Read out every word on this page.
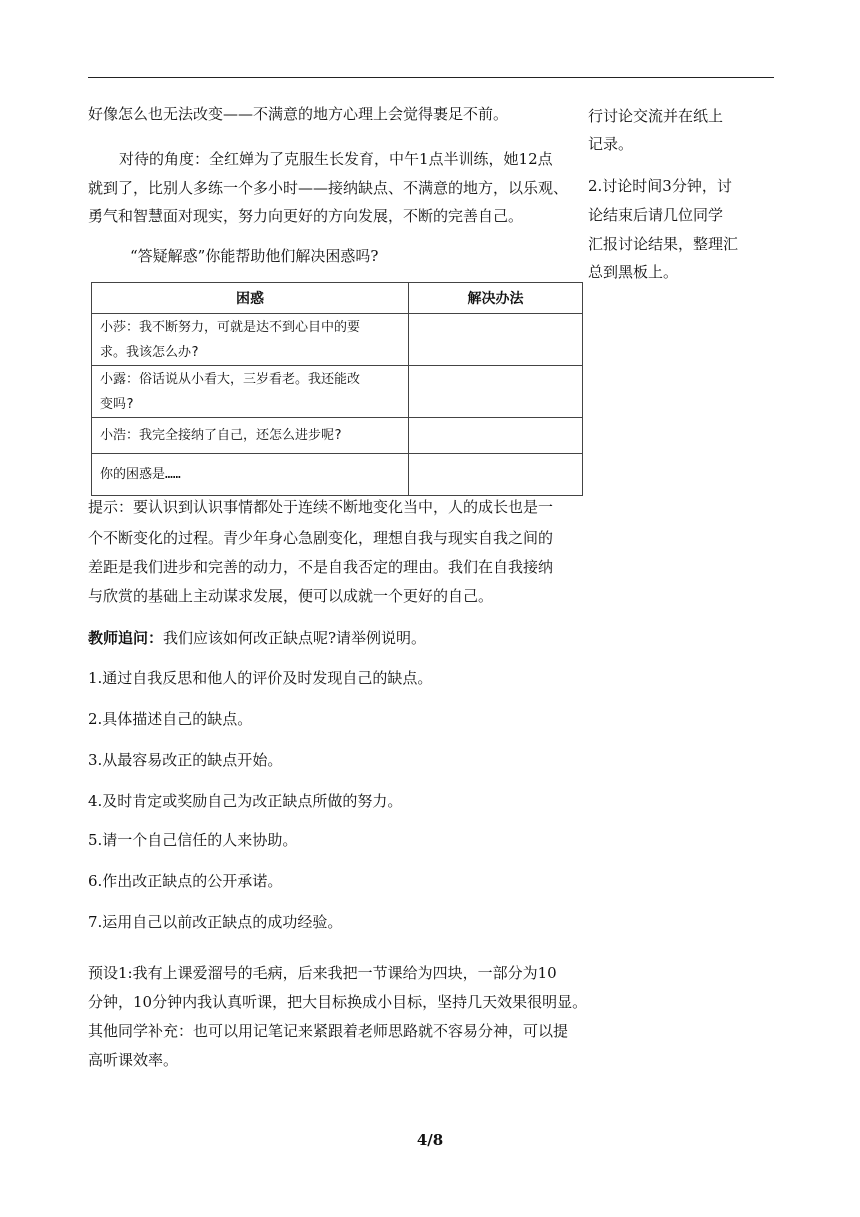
好像怎么也无法改变——不满意的地方心理上会觉得裹足不前。
对待的角度：全红婵为了克服生长发育，中午1点半训练，她12点
就到了，比别人多练一个多小时——接纳缺点、不满意的地方，以乐观、
勇气和智慧面对现实，努力向更好的方向发展，不断的完善自己。
“答疑解惑”你能帮助他们解决困惑吗?
困惑	解决办法

小莎：我不断努力，可就是达不到心目中的要
求。我该怎么办?	

小露：俗话说从小看大，三岁看老。我还能改
变吗?	

小浩：我完全接纳了自己，还怎么进步呢?	

你的困惑是……	

提示：要认识到认识事情都处于连续不断地变化当中，人的成长也是一
个不断变化的过程。青少年身心急剧变化，理想自我与现实自我之间的
差距是我们进步和完善的动力，不是自我否定的理由。我们在自我接纳
与欣赏的基础上主动谋求发展，便可以成就一个更好的自己。
教师追问：我们应该如何改正缺点呢?请举例说明。
1.通过自我反思和他人的评价及时发现自己的缺点。
2.具体描述自己的缺点。
3.从最容易改正的缺点开始。
4.及时肯定或奖励自己为改正缺点所做的努力。
5.请一个自己信任的人来协助。
6.作出改正缺点的公开承诺。
7.运用自己以前改正缺点的成功经验。
预设1:我有上课爱溜号的毛病，后来我把一节课给为四块，一部分为10
分钟，10分钟内我认真听课，把大目标换成小目标，坚持几天效果很明显。
其他同学补充：也可以用记笔记来紧跟着老师思路就不容易分神，可以提
高听课效率。
行讨论交流并在纸上
记录。
2.讨论时间3分钟，讨
论结束后请几位同学
汇报讨论结果，整理汇
总到黑板上。
4/8
